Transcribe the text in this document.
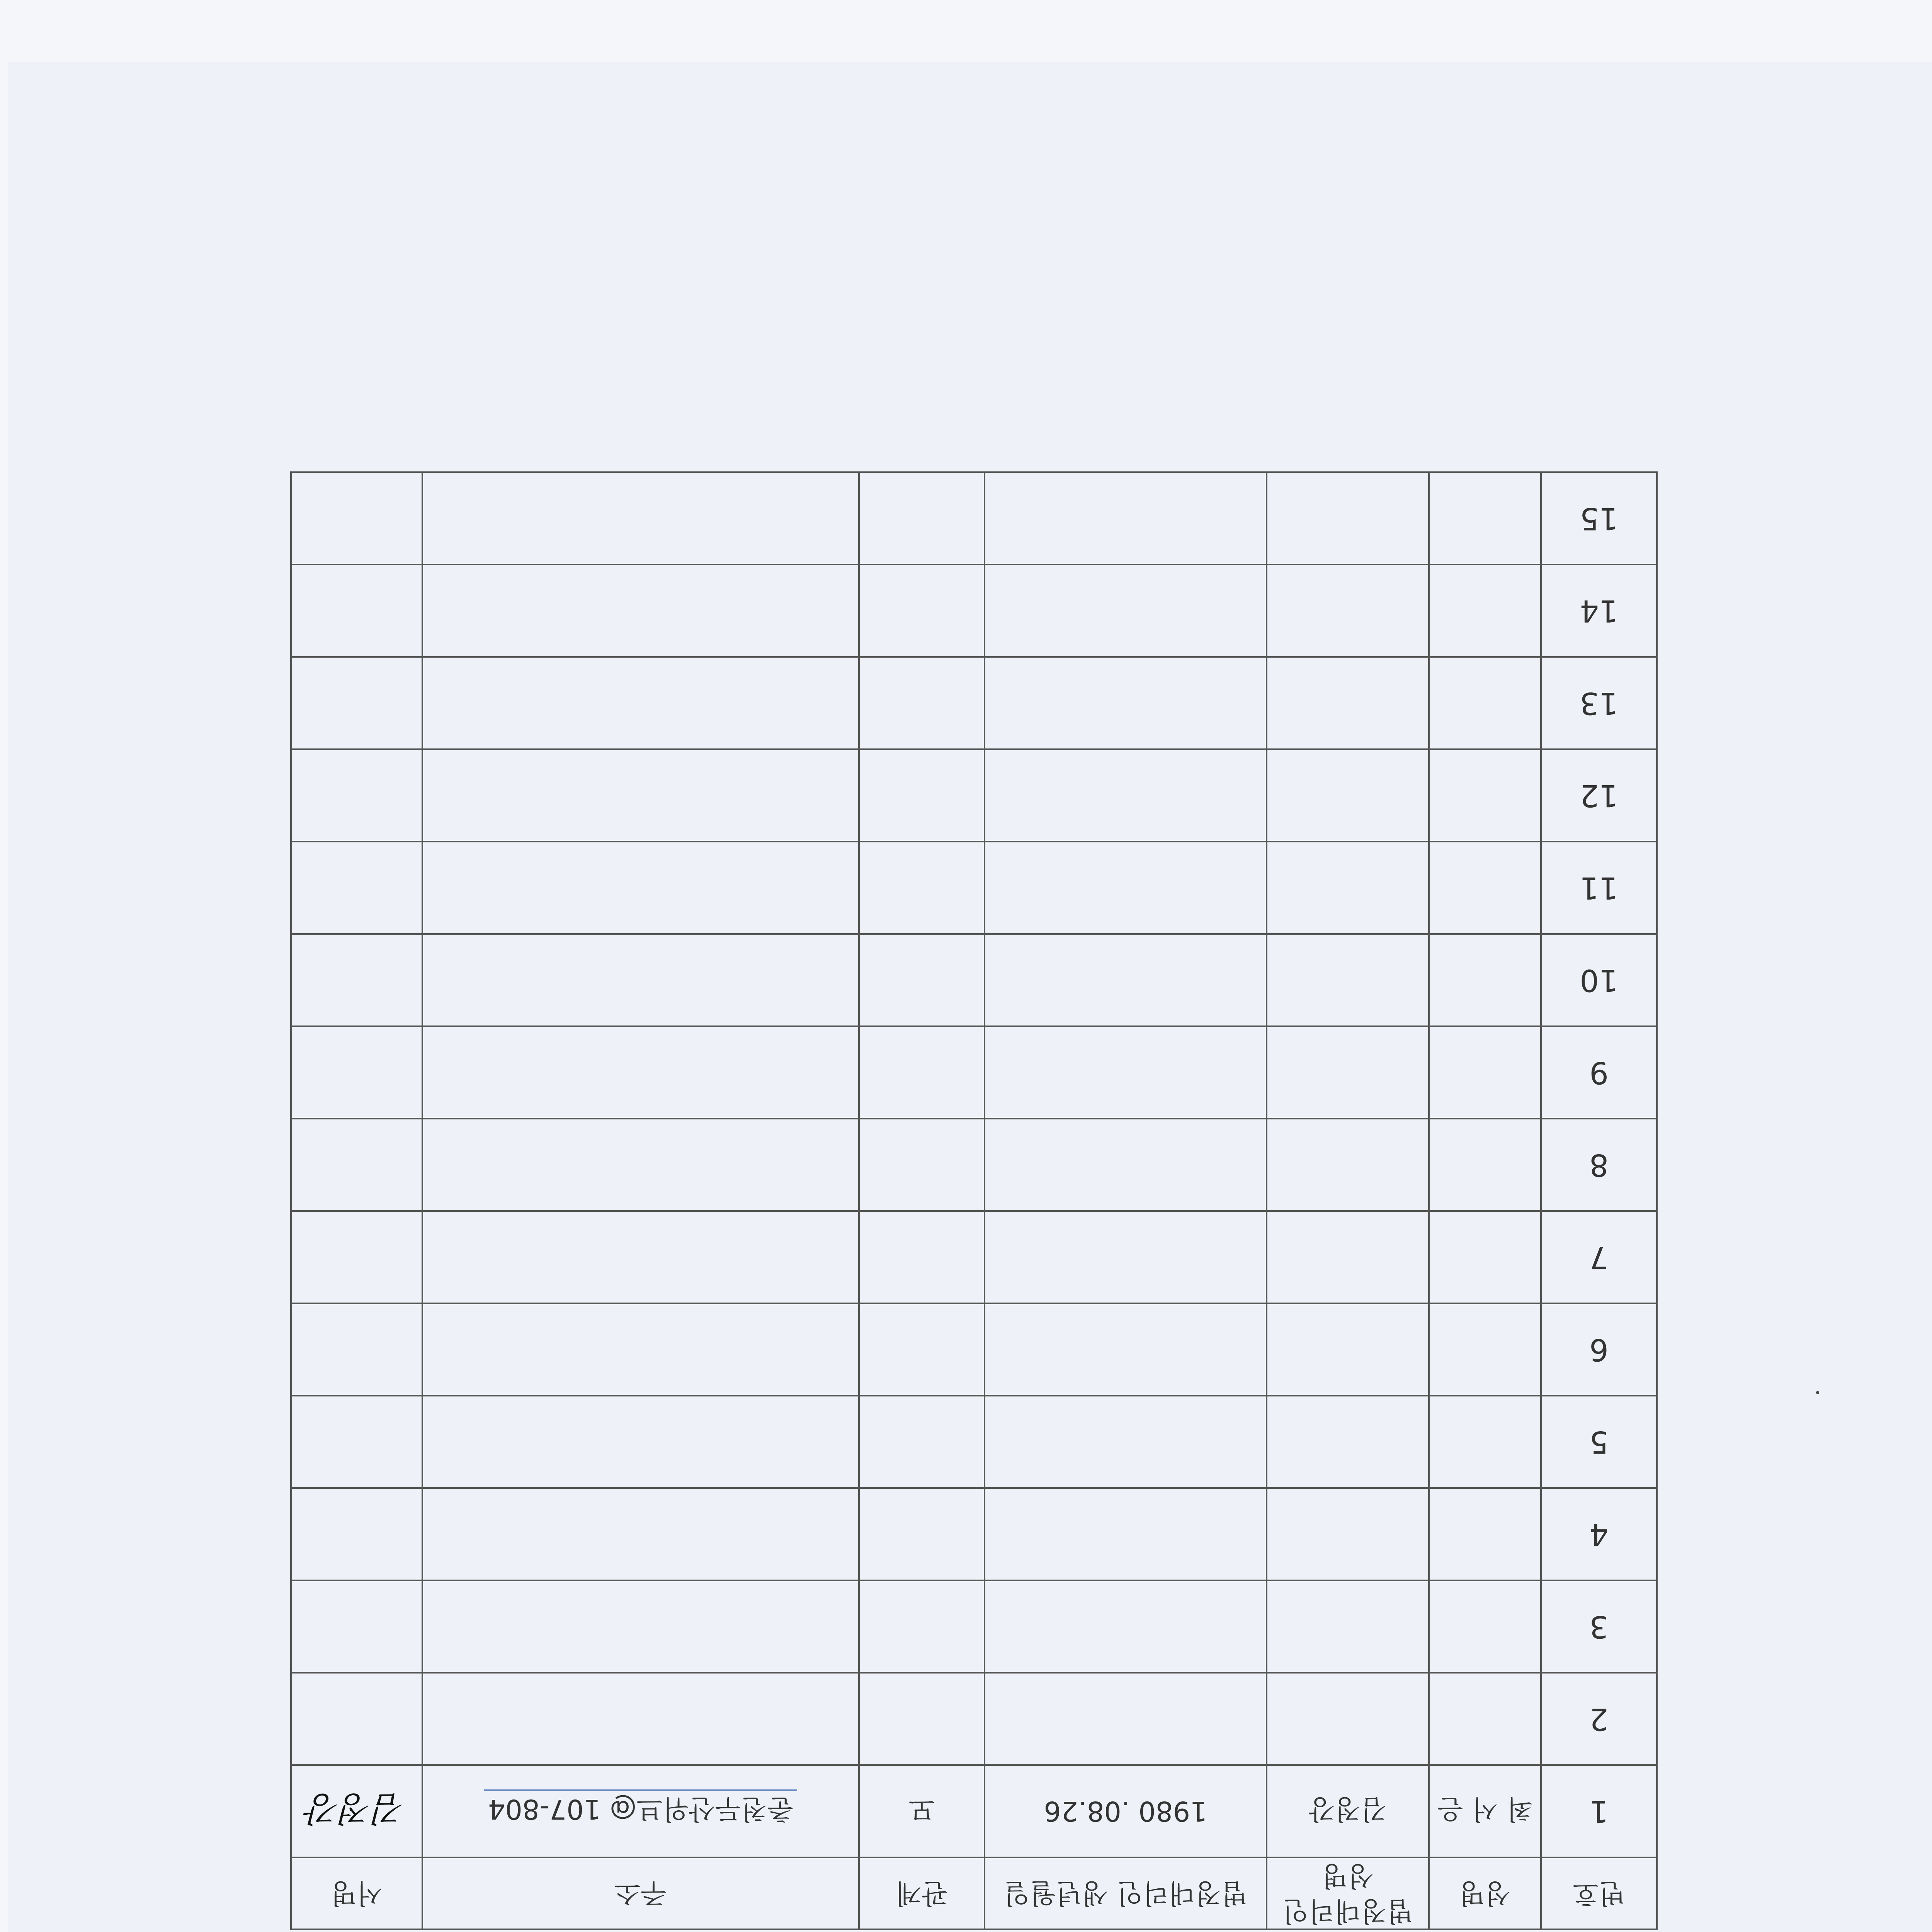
번호	성명	법정대리인 성명	법정대리인 생년월일	관계	주소	서명
1	최 서 은	김정강	1980 .08.26	모	춘천두산위브@ 107-804	김정강
2						
3						
4						
5						
6						
7						
8						
9						
10						
11						
12						
13						
14						
15						
